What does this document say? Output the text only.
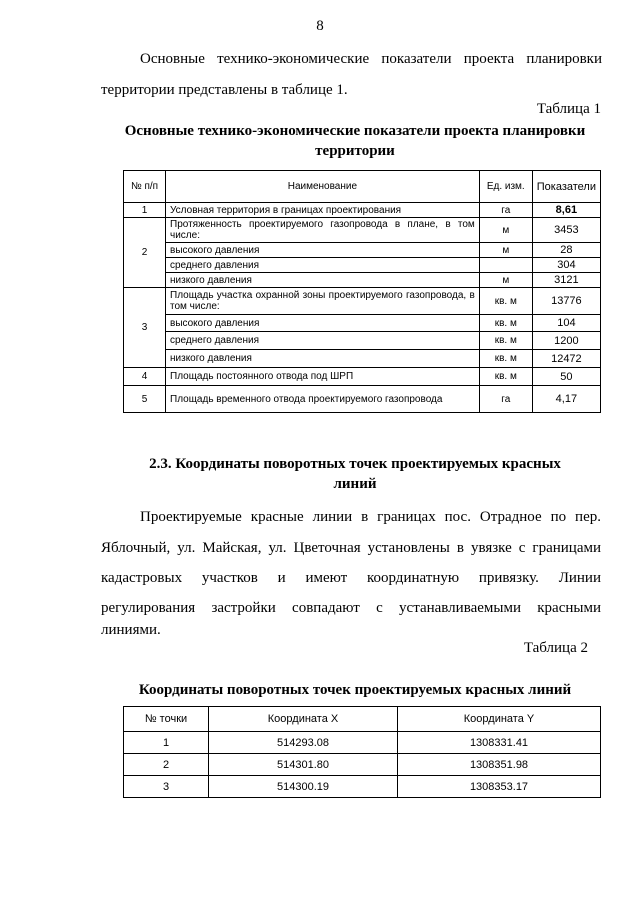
8
Основные технико-экономические показатели проекта планировки
территории представлены в таблице 1.
Таблица 1
Основные технико-экономические показатели проекта планировки
территории
№ п/п	Наименование	Ед. изм.	Показатели
1	Условная территория в границах проектирования	га	8,61
2	Протяженность проектируемого газопровода в плане, в том числе:	м	3453
	высокого давления	м	28
	среднего давления		304
	низкого давления	м	3121
3	Площадь участка охранной зоны проектируемого газопровода, в том числе:	кв. м	13776
	высокого давления	кв. м	104
	среднего давления	кв. м	1200
	низкого давления	кв. м	12472
4	Площадь постоянного отвода под ШРП	кв. м	50
5	Площадь временного отвода проектируемого газопровода	га	4,17
2.3. Координаты поворотных точек проектируемых красных
линий
Проектируемые красные линии в границах пос. Отрадное по пер.
Яблочный, ул. Майская, ул. Цветочная установлены в увязке с границами
кадастровых участков и имеют координатную привязку. Линии
регулирования застройки совпадают с устанавливаемыми красными
линиями.
Таблица 2
Координаты поворотных точек проектируемых красных линий
№ точки	Координата X	Координата Y
1	514293.08	1308331.41
2	514301.80	1308351.98
3	514300.19	1308353.17
